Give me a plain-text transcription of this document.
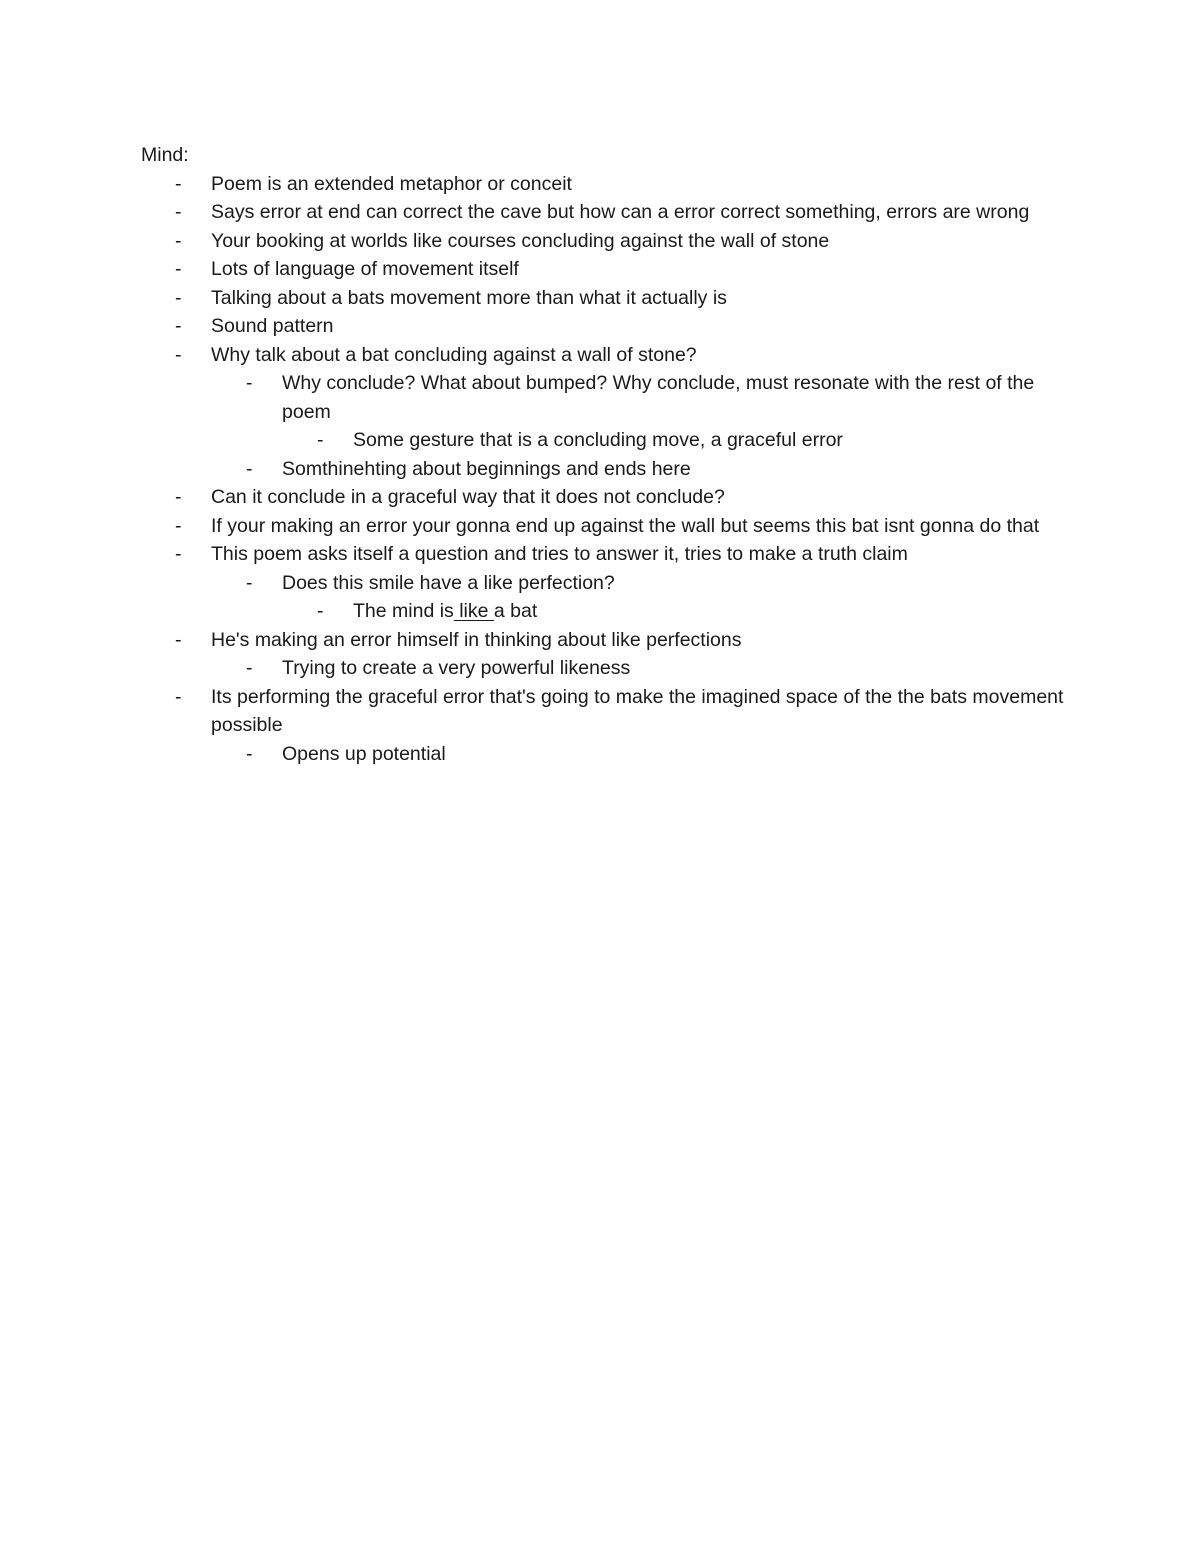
Mind:
- Poem is an extended metaphor or conceit
- Says error at end can correct the cave but how can a error correct something, errors are wrong
- Your booking at worlds like courses concluding against the wall of stone
- Lots of language of movement itself
- Talking about a bats movement more than what it actually is
- Sound pattern
- Why talk about a bat concluding against a wall of stone?
- Why conclude? What about bumped? Why conclude, must resonate with the rest of the poem
- Some gesture that is a concluding move, a graceful error
- Somthinehting about beginnings and ends here
- Can it conclude in a graceful way that it does not conclude?
- If your making an error your gonna end up against the wall but seems this bat isnt gonna do that
- This poem asks itself a question and tries to answer it, tries to make a truth claim
- Does this smile have a like perfection?
- The mind is like a bat
- He's making an error himself in thinking about like perfections
- Trying to create a very powerful likeness
- Its performing the graceful error that's going to make the imagined space of the the bats movement possible
- Opens up potential
